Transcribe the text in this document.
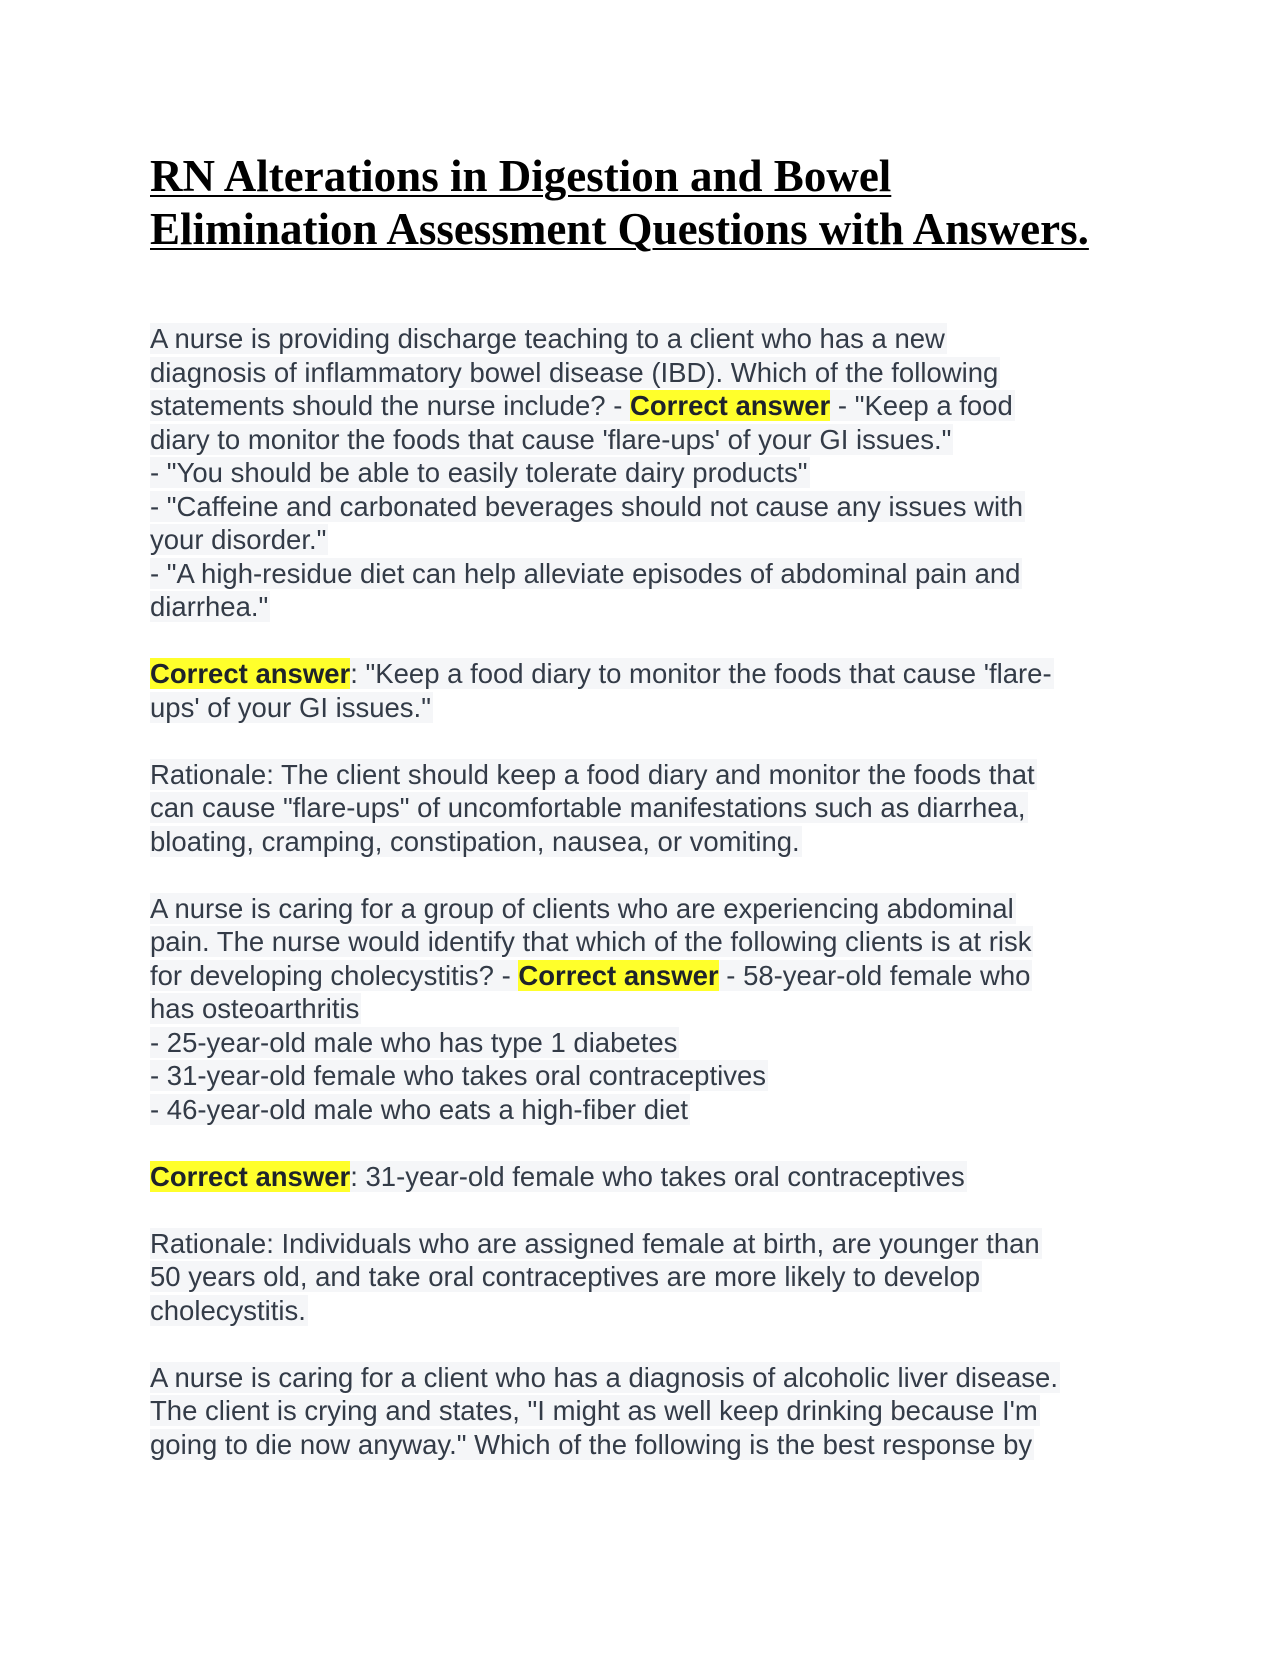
RN Alterations in Digestion and Bowel
Elimination Assessment Questions with Answers.
A nurse is providing discharge teaching to a client who has a new
diagnosis of inflammatory bowel disease (IBD). Which of the following
statements should the nurse include? - Correct answer - "Keep a food
diary to monitor the foods that cause 'flare-ups' of your GI issues."
- "You should be able to easily tolerate dairy products"
- "Caffeine and carbonated beverages should not cause any issues with
your disorder."
- "A high-residue diet can help alleviate episodes of abdominal pain and
diarrhea."
Correct answer: "Keep a food diary to monitor the foods that cause 'flare-
ups' of your GI issues."
Rationale: The client should keep a food diary and monitor the foods that
can cause "flare-ups" of uncomfortable manifestations such as diarrhea,
bloating, cramping, constipation, nausea, or vomiting.
A nurse is caring for a group of clients who are experiencing abdominal
pain. The nurse would identify that which of the following clients is at risk
for developing cholecystitis? - Correct answer - 58-year-old female who
has osteoarthritis
- 25-year-old male who has type 1 diabetes
- 31-year-old female who takes oral contraceptives
- 46-year-old male who eats a high-fiber diet
Correct answer: 31-year-old female who takes oral contraceptives
Rationale: Individuals who are assigned female at birth, are younger than
50 years old, and take oral contraceptives are more likely to develop
cholecystitis.
A nurse is caring for a client who has a diagnosis of alcoholic liver disease.
The client is crying and states, "I might as well keep drinking because I'm
going to die now anyway." Which of the following is the best response by
